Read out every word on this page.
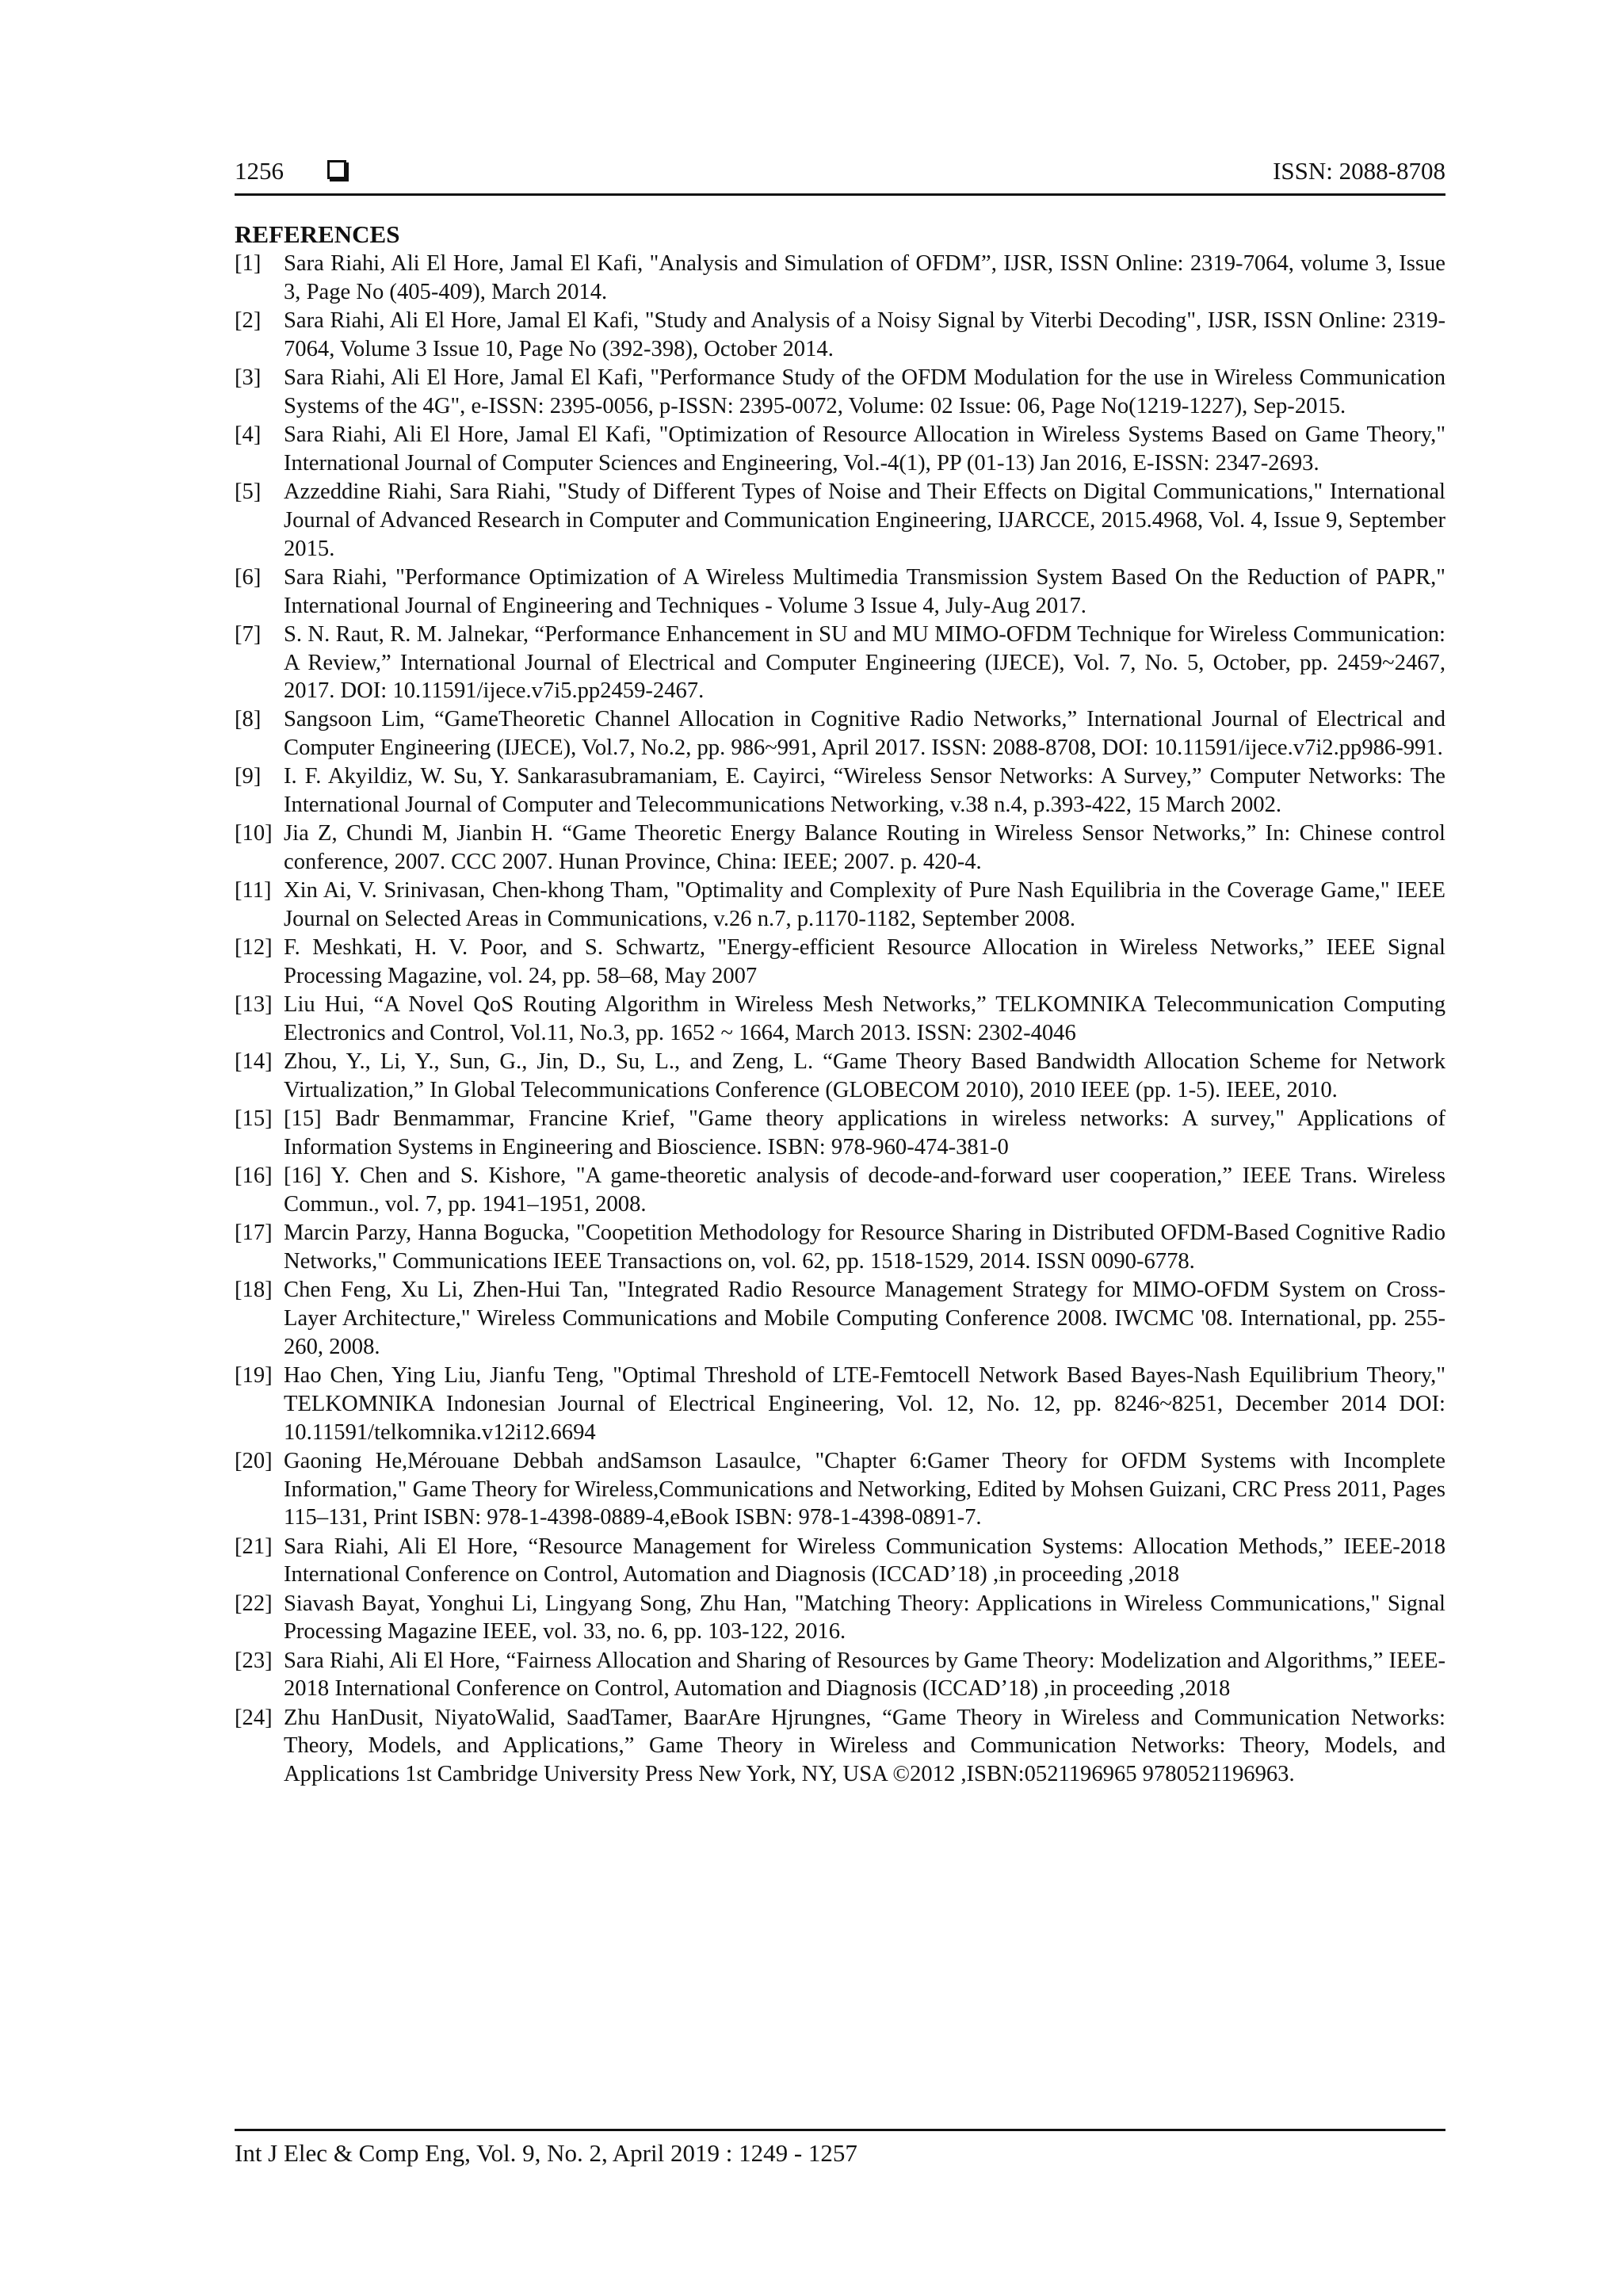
1256	ISSN: 2088-8708
REFERENCES
[1] Sara Riahi, Ali El Hore, Jamal El Kafi, "Analysis and Simulation of OFDM”, IJSR, ISSN Online: 2319-7064, volume 3, Issue 3, Page No (405-409), March 2014.
[2] Sara Riahi, Ali El Hore, Jamal El Kafi, "Study and Analysis of a Noisy Signal by Viterbi Decoding", IJSR, ISSN Online: 2319-7064, Volume 3 Issue 10, Page No (392-398), October 2014.
[3] Sara Riahi, Ali El Hore, Jamal El Kafi, "Performance Study of the OFDM Modulation for the use in Wireless Communication Systems of the 4G", e-ISSN: 2395-0056, p-ISSN: 2395-0072, Volume: 02 Issue: 06, Page No(1219-1227), Sep-2015.
[4] Sara Riahi, Ali El Hore, Jamal El Kafi, "Optimization of Resource Allocation in Wireless Systems Based on Game Theory," International Journal of Computer Sciences and Engineering, Vol.-4(1), PP (01-13) Jan 2016, E-ISSN: 2347-2693.
[5] Azzeddine Riahi, Sara Riahi, "Study of Different Types of Noise and Their Effects on Digital Communications," International Journal of Advanced Research in Computer and Communication Engineering, IJARCCE, 2015.4968, Vol. 4, Issue 9, September 2015.
[6] Sara Riahi, "Performance Optimization of A Wireless Multimedia Transmission System Based On the Reduction of PAPR," International Journal of Engineering and Techniques - Volume 3 Issue 4, July-Aug 2017.
[7] S. N. Raut, R. M. Jalnekar, “Performance Enhancement in SU and MU MIMO-OFDM Technique for Wireless Communication: A Review,” International Journal of Electrical and Computer Engineering (IJECE), Vol. 7, No. 5, October, pp. 2459~2467, 2017. DOI: 10.11591/ijece.v7i5.pp2459-2467.
[8] Sangsoon Lim, “GameTheoretic Channel Allocation in Cognitive Radio Networks,” International Journal of Electrical and Computer Engineering (IJECE), Vol.7, No.2, pp. 986~991, April 2017. ISSN: 2088-8708, DOI: 10.11591/ijece.v7i2.pp986-991.
[9] I. F. Akyildiz, W. Su, Y. Sankarasubramaniam, E. Cayirci, “Wireless Sensor Networks: A Survey,” Computer Networks: The International Journal of Computer and Telecommunications Networking, v.38 n.4, p.393-422, 15 March 2002.
[10] Jia Z, Chundi M, Jianbin H. “Game Theoretic Energy Balance Routing in Wireless Sensor Networks,” In: Chinese control conference, 2007. CCC 2007. Hunan Province, China: IEEE; 2007. p. 420-4.
[11] Xin Ai, V. Srinivasan, Chen-khong Tham, "Optimality and Complexity of Pure Nash Equilibria in the Coverage Game," IEEE Journal on Selected Areas in Communications, v.26 n.7, p.1170-1182, September 2008.
[12] F. Meshkati, H. V. Poor, and S. Schwartz, "Energy-efficient Resource Allocation in Wireless Networks,” IEEE Signal Processing Magazine, vol. 24, pp. 58–68, May 2007
[13] Liu Hui, “A Novel QoS Routing Algorithm in Wireless Mesh Networks,” TELKOMNIKA Telecommunication Computing Electronics and Control, Vol.11, No.3, pp. 1652 ~ 1664, March 2013. ISSN: 2302-4046
[14] Zhou, Y., Li, Y., Sun, G., Jin, D., Su, L., and Zeng, L. “Game Theory Based Bandwidth Allocation Scheme for Network Virtualization,” In Global Telecommunications Conference (GLOBECOM 2010), 2010 IEEE (pp. 1-5). IEEE, 2010.
[15] [15] Badr Benmammar, Francine Krief, "Game theory applications in wireless networks: A survey," Applications of Information Systems in Engineering and Bioscience. ISBN: 978-960-474-381-0
[16] [16] Y. Chen and S. Kishore, "A game-theoretic analysis of decode-and-forward user cooperation,” IEEE Trans. Wireless Commun., vol. 7, pp. 1941–1951, 2008.
[17] Marcin Parzy, Hanna Bogucka, "Coopetition Methodology for Resource Sharing in Distributed OFDM-Based Cognitive Radio Networks," Communications IEEE Transactions on, vol. 62, pp. 1518-1529, 2014. ISSN 0090-6778.
[18] Chen Feng, Xu Li, Zhen-Hui Tan, "Integrated Radio Resource Management Strategy for MIMO-OFDM System on Cross-Layer Architecture," Wireless Communications and Mobile Computing Conference 2008. IWCMC '08. International, pp. 255-260, 2008.
[19] Hao Chen, Ying Liu, Jianfu Teng, "Optimal Threshold of LTE-Femtocell Network Based Bayes-Nash Equilibrium Theory," TELKOMNIKA Indonesian Journal of Electrical Engineering, Vol. 12, No. 12, pp. 8246~8251, December 2014 DOI: 10.11591/telkomnika.v12i12.6694
[20] Gaoning He,Mérouane Debbah andSamson Lasaulce, "Chapter 6:Gamer Theory for OFDM Systems with Incomplete Information," Game Theory for Wireless,Communications and Networking, Edited by Mohsen Guizani, CRC Press 2011, Pages 115–131, Print ISBN: 978-1-4398-0889-4,eBook ISBN: 978-1-4398-0891-7.
[21] Sara Riahi, Ali El Hore, “Resource Management for Wireless Communication Systems: Allocation Methods,” IEEE-2018 International Conference on Control, Automation and Diagnosis (ICCAD’18) ,in proceeding ,2018
[22] Siavash Bayat, Yonghui Li, Lingyang Song, Zhu Han, "Matching Theory: Applications in Wireless Communications," Signal Processing Magazine IEEE, vol. 33, no. 6, pp. 103-122, 2016.
[23] Sara Riahi, Ali El Hore, “Fairness Allocation and Sharing of Resources by Game Theory: Modelization and Algorithms,” IEEE-2018 International Conference on Control, Automation and Diagnosis (ICCAD’18) ,in proceeding ,2018
[24] Zhu HanDusit, NiyatoWalid, SaadTamer, BaarAre Hjrungnes, “Game Theory in Wireless and Communication Networks: Theory, Models, and Applications,” Game Theory in Wireless and Communication Networks: Theory, Models, and Applications 1st Cambridge University Press New York, NY, USA ©2012 ,ISBN:0521196965 9780521196963.
Int J Elec & Comp Eng, Vol. 9, No. 2, April 2019 : 1249 - 1257
